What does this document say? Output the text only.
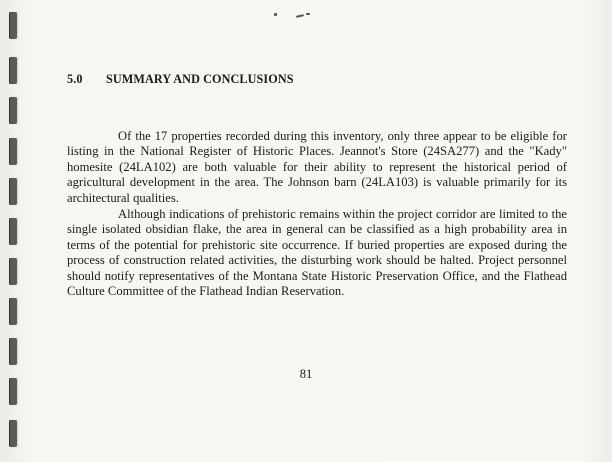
5.0 SUMMARY AND CONCLUSIONS

Of the 17 properties recorded during this inventory, only three appear to be eligible for listing in the National Register of Historic Places. Jeannot's Store (24SA277) and the "Kady" homesite (24LA102) are both valuable for their ability to represent the historical period of agricultural development in the area. The Johnson barn (24LA103) is valuable primarily for its architectural qualities.

Although indications of prehistoric remains within the project corridor are limited to the single isolated obsidian flake, the area in general can be classified as a high probability area in terms of the potential for prehistoric site occurrence. If buried properties are exposed during the process of construction related activities, the disturbing work should be halted. Project personnel should notify representatives of the Montana State Historic Preservation Office, and the Flathead Culture Committee of the Flathead Indian Reservation.

81
